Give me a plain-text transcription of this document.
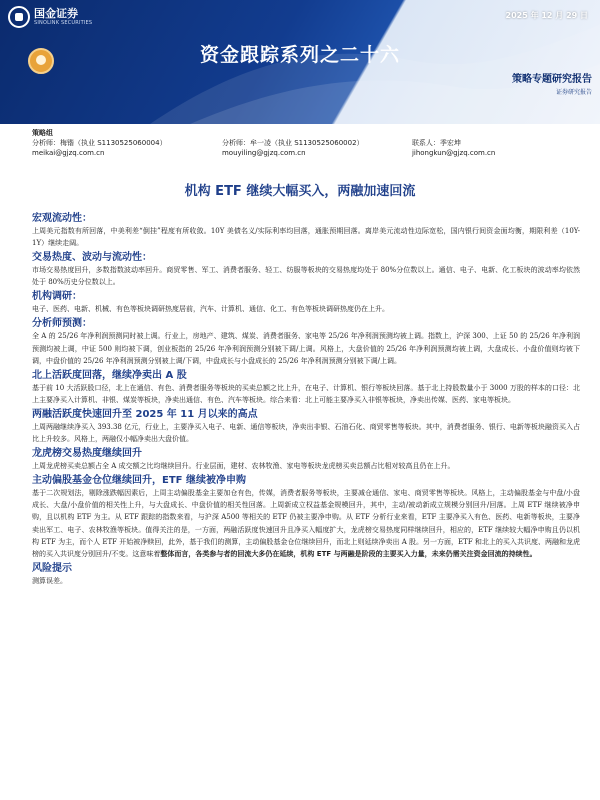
国金证券
SINOLINK SECURITIES
2025 年 12 月 29 日
资金跟踪系列之二十六
策略专题研究报告
证券研究报告
策略组
分析师：梅锴（执业 S1130525060004）	分析师：牟一凌（执业 S1130525060002）	联系人：季宏坤
meikai@gjzq.com.cn	mouyiling@gjzq.com.cn	jihongkun@gjzq.com.cn
机构 ETF 继续大幅买入，两融加速回流
宏观流动性：
上周美元指数有所回落，中美利差“倒挂”程度有所收敛。10Y 美债名义/实际利率均回落，通胀预期回落。离岸美元流动性边际宽松，国内银行间资金面均衡，期限利差（10Y-1Y）继续走阔。
交易热度、波动与流动性：
市场交易热度回升，多数指数波动率回升。商贸零售、军工、消费者服务、轻工、纺服等板块的交易热度均处于 80%分位数以上。通信、电子、电新、化工板块的波动率均依然处于 80%历史分位数以上。
机构调研：
电子、医药、电新、机械、有色等板块调研热度居前，汽车、计算机、通信、化工、有色等板块调研热度仍在上升。
分析师预测：
全 A 的 25/26 年净利润预测同时被上调。行业上，房地产、建筑、煤炭、消费者服务、家电等 25/26 年净利润预测均被上调。指数上，沪深 300、上证 50 的 25/26 年净利润预测均被上调，中证 500 则均被下调，创业板指的 25/26 年净利润预测分别被下调/上调。风格上，大盘价值的 25/26 年净利润预测均被上调，大盘成长、小盘价值则均被下调，中盘价值的 25/26 年净利润预测分别被上调/下调，中盘成长与小盘成长的 25/26 年净利润预测分别被下调/上调。
北上活跃度回落，继续净卖出 A 股
基于前 10 大活跃股口径，北上在通信、有色、消费者服务等板块的买卖总额之比上升，在电子、计算机、银行等板块回落。基于北上持股数量小于 3000 万股的样本的口径：北上主要净买入计算机、非银、煤炭等板块，净卖出通信、有色、汽车等板块。综合来看：北上可能主要净买入非银等板块，净卖出传媒、医药、家电等板块。
两融活跃度快速回升至 2025 年 11 月以来的高点
上周两融继续净买入 393.38 亿元，行业上，主要净买入电子、电新、通信等板块，净卖出非银、石油石化、商贸零售等板块。其中，消费者服务、银行、电新等板块融资买入占比上升较多。风格上，两融仅小幅净卖出大盘价值。
龙虎榜交易热度继续回升
上周龙虎榜买卖总额占全 A 成交额之比均继续回升。行业层面，建材、农林牧渔、家电等板块龙虎榜买卖总额占比相对较高且仍在上升。
主动偏股基金仓位继续回升，ETF 继续被净申购
基于二次规划法，剔除涨跌幅因素后，上周主动偏股基金主要加仓有色，传媒，消费者服务等板块，主要减仓通信、家电、商贸零售等板块。风格上，主动偏股基金与中盘/小盘成长、大盘/小盘价值的相关性上升，与大盘成长、中盘价值的相关性回落。上周新成立权益基金规模回升，其中，主动/被动新成立规模分别回升/回落。上周 ETF 继续被净申购，且以机构 ETF 为主。从 ETF 跟踪的指数来看，与沪深 A500 等相关的 ETF 仍被主要净申购。从 ETF 分析行业来看，ETF 主要净买入有色、医药、电新等板块，主要净卖出军工、电子、农林牧渔等板块。值得关注的是，一方面，两融活跃度快速回升且净买入幅度扩大，龙虎榜交易热度同样继续回升，相应的，ETF 继续较大幅净申购且仍以机构 ETF 为主，而个人 ETF 开始被净赎回，此外，基于我们的测算，主动偏股基金仓位继续回升，而北上则延续净卖出 A 股。另一方面，ETF 和北上的买入共识度、两融和龙虎榜的买入共识度分别回升/不变。这意味着整体而言，各类参与者的回流大多仍在延续，机构 ETF 与两融是阶段的主要买入力量，未来仍需关注资金回流的持续性。
风险提示
测算误差。
